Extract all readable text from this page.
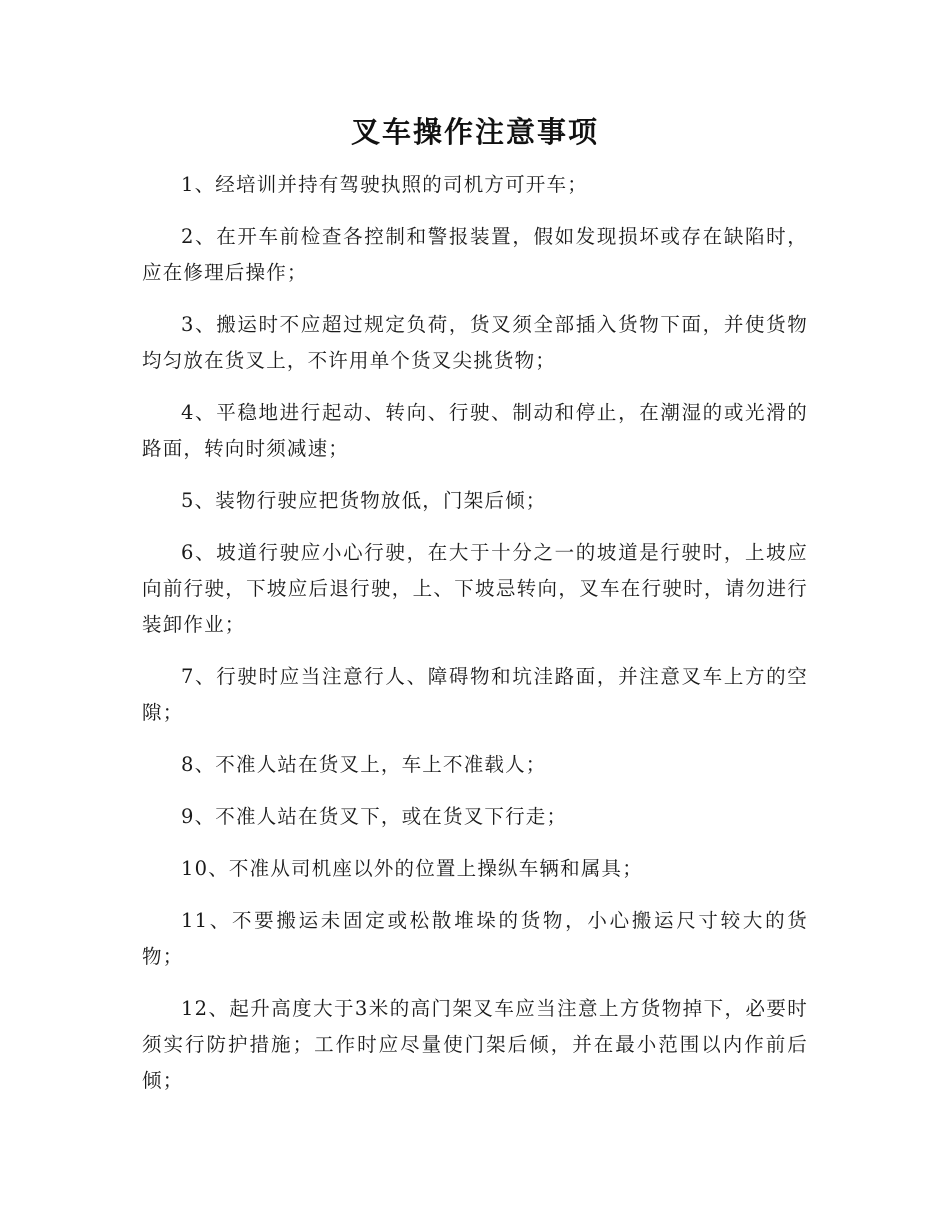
叉车操作注意事项

1、经培训并持有驾驶执照的司机方可开车；

2、在开车前检查各控制和警报装置，假如发现损坏或存在缺陷时，应在修理后操作；

3、搬运时不应超过规定负荷，货叉须全部插入货物下面，并使货物均匀放在货叉上，不许用单个货叉尖挑货物；

4、平稳地进行起动、转向、行驶、制动和停止，在潮湿的或光滑的路面，转向时须减速；

5、装物行驶应把货物放低，门架后倾；

6、坡道行驶应小心行驶，在大于十分之一的坡道是行驶时，上坡应向前行驶，下坡应后退行驶，上、下坡忌转向，叉车在行驶时，请勿进行装卸作业；

7、行驶时应当注意行人、障碍物和坑洼路面，并注意叉车上方的空隙；

8、不准人站在货叉上，车上不准载人；

9、不准人站在货叉下，或在货叉下行走；

10、不准从司机座以外的位置上操纵车辆和属具；

11、不要搬运未固定或松散堆垛的货物，小心搬运尺寸较大的货物；

12、起升高度大于3米的高门架叉车应当注意上方货物掉下，必要时须实行防护措施；工作时应尽量使门架后倾，并在最小范围以内作前后倾；
